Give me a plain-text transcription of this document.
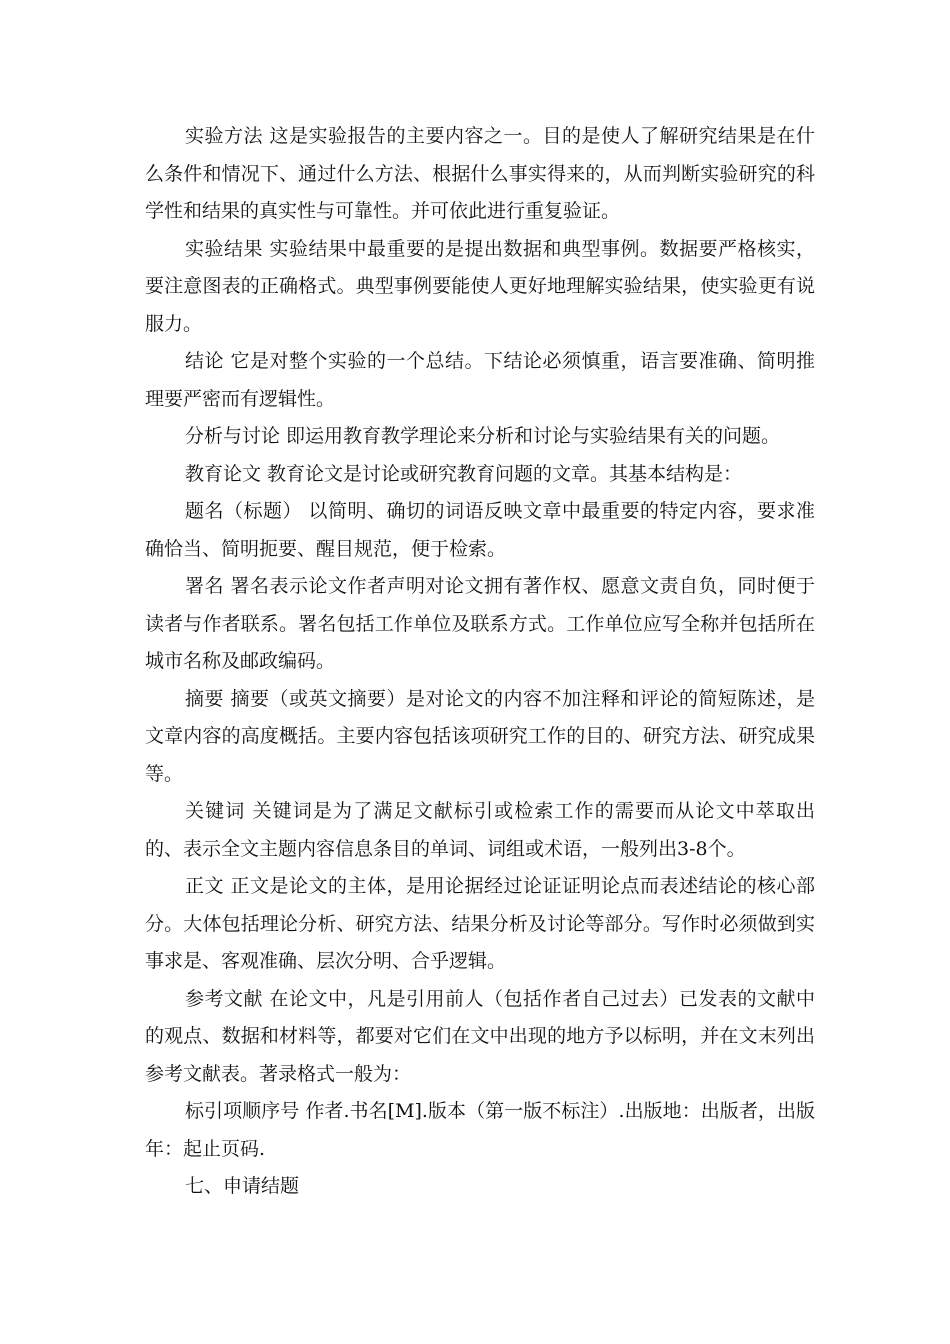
实验方法 这是实验报告的主要内容之一。目的是使人了解研究结果是在什么条件和情况下、通过什么方法、根据什么事实得来的，从而判断实验研究的科学性和结果的真实性与可靠性。并可依此进行重复验证。

实验结果 实验结果中最重要的是提出数据和典型事例。数据要严格核实，要注意图表的正确格式。典型事例要能使人更好地理解实验结果，使实验更有说服力。

结论 它是对整个实验的一个总结。下结论必须慎重，语言要准确、简明推理要严密而有逻辑性。

分析与讨论 即运用教育教学理论来分析和讨论与实验结果有关的问题。

教育论文 教育论文是讨论或研究教育问题的文章。其基本结构是：

题名（标题） 以简明、确切的词语反映文章中最重要的特定内容，要求准确恰当、简明扼要、醒目规范，便于检索。

署名 署名表示论文作者声明对论文拥有著作权、愿意文责自负，同时便于读者与作者联系。署名包括工作单位及联系方式。工作单位应写全称并包括所在城市名称及邮政编码。

摘要 摘要（或英文摘要）是对论文的内容不加注释和评论的简短陈述，是文章内容的高度概括。主要内容包括该项研究工作的目的、研究方法、研究成果等。

关键词 关键词是为了满足文献标引或检索工作的需要而从论文中萃取出的、表示全文主题内容信息条目的单词、词组或术语，一般列出3-8个。

正文 正文是论文的主体，是用论据经过论证证明论点而表述结论的核心部分。大体包括理论分析、研究方法、结果分析及讨论等部分。写作时必须做到实事求是、客观准确、层次分明、合乎逻辑。

参考文献 在论文中，凡是引用前人（包括作者自己过去）已发表的文献中的观点、数据和材料等，都要对它们在文中出现的地方予以标明，并在文末列出参考文献表。著录格式一般为：

标引项顺序号 作者.书名[M].版本（第一版不标注）.出版地：出版者，出版年：起止页码.

七、申请结题
